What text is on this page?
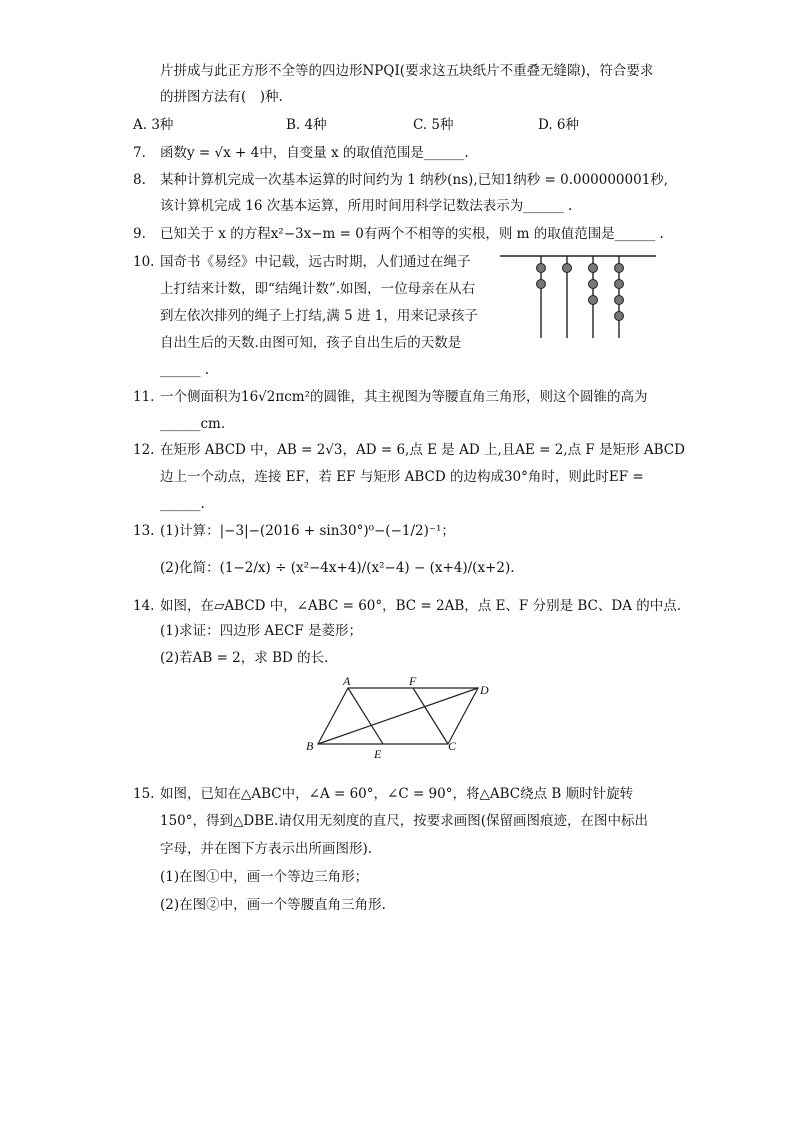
片拼成与此正方形不全等的四边形NPQI(要求这五块纸片不重叠无缝隙)，符合要求
的拼图方法有(　)种.
A. 3种	B. 4种	C. 5种	D. 6种
7. 函数y = √x + 4中，自变量 x 的取值范围是______.
8. 某种计算机完成一次基本运算的时间约为 1 纳秒(ns),已知1纳秒 = 0.000000001秒,
该计算机完成 16 次基本运算，所用时间用科学记数法表示为______ .
9. 已知关于 x 的方程x²−3x−m = 0有两个不相等的实根，则 m 的取值范围是______ .
10. 国奇书《易经》中记载，远古时期，人们通过在绳子
上打结来计数，即“结绳计数”.如图，一位母亲在从右
到左依次排列的绳子上打结,满 5 进 1，用来记录孩子
自出生后的天数.由图可知，孩子自出生后的天数是
______ .
11. 一个侧面积为16√2πcm²的圆锥，其主视图为等腰直角三角形，则这个圆锥的高为
______cm.
12. 在矩形 ABCD 中，AB = 2√3，AD = 6,点 E 是 AD 上,且AE = 2,点 F 是矩形 ABCD
边上一个动点，连接 EF，若 EF 与矩形 ABCD 的边构成30°角时，则此时EF =
______.
13. (1)计算：|−3|−(2016 + sin30°)⁰−(−1/2)⁻¹；
(2)化简：(1−2/x) ÷ (x²−4x+4)/(x²−4) − (x+4)/(x+2).
14. 如图，在▱ABCD 中，∠ABC = 60°，BC = 2AB，点 E、F 分别是 BC、DA 的中点.
(1)求证：四边形 AECF 是菱形；
(2)若AB = 2，求 BD 的长.
A	F
D
B
E
C
15. 如图，已知在△ABC中，∠A = 60°，∠C = 90°，将△ABC绕点 B 顺时针旋转
150°，得到△DBE.请仅用无刻度的直尺，按要求画图(保留画图痕迹，在图中标出
字母，并在图下方表示出所画图形).
(1)在图①中，画一个等边三角形；
(2)在图②中，画一个等腰直角三角形.
